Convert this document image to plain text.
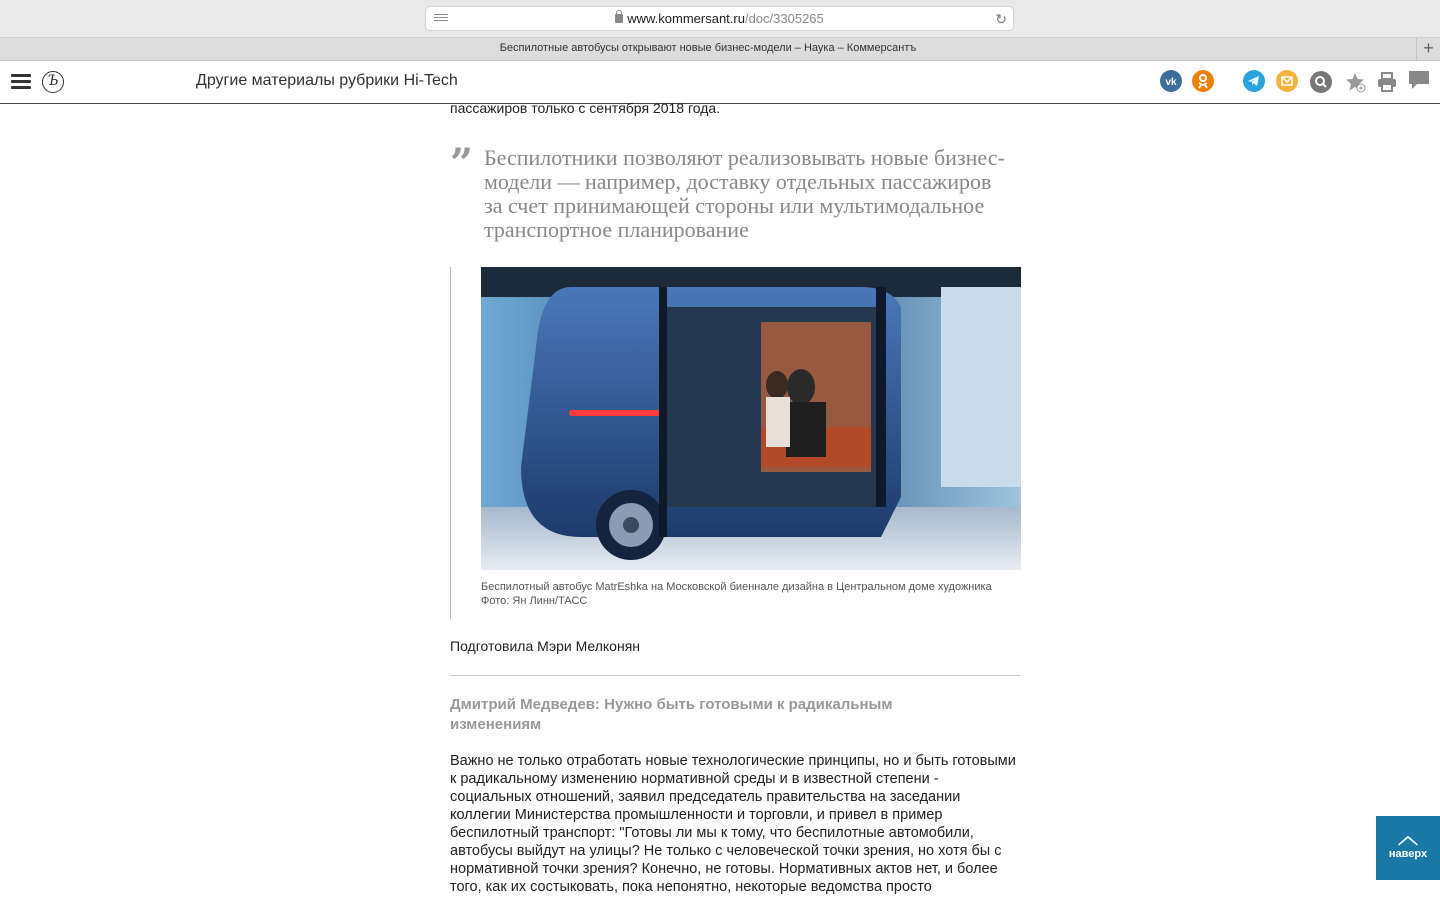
www.kommersant.ru/doc/3305265	↻
Беспилотные автобусы открывают новые бизнес-модели – Наука – Коммерсантъ	+
Ъ	Другие материалы рубрики Hi-Tech	vk
пассажиров только с сентября 2018 года.
” Беспилотники позволяют реализовывать новые бизнес-модели — например, доставку отдельных пассажиров за счет принимающей стороны или мультимодальное транспортное планирование
Беспилотный автобус MatrEshka на Московской биеннале дизайна в Центральном доме художника
Фото: Ян Линн/ТАСС
Подготовила Мэри Мелконян
Дмитрий Медведев: Нужно быть готовыми к радикальным изменениям
Важно не только отработать новые технологические принципы, но и быть готовыми к радикальному изменению нормативной среды и в известной степени - социальных отношений, заявил председатель правительства на заседании коллегии Министерства промышленности и торговли, и привел в пример беспилотный транспорт: "Готовы ли мы к тому, что беспилотные автомобили, автобусы выйдут на улицы? Не только с человеческой точки зрения, но хотя бы с нормативной точки зрения? Конечно, не готовы. Нормативных актов нет, и более того, как их состыковать, пока непонятно, некоторые ведомства просто
︿
наверх
